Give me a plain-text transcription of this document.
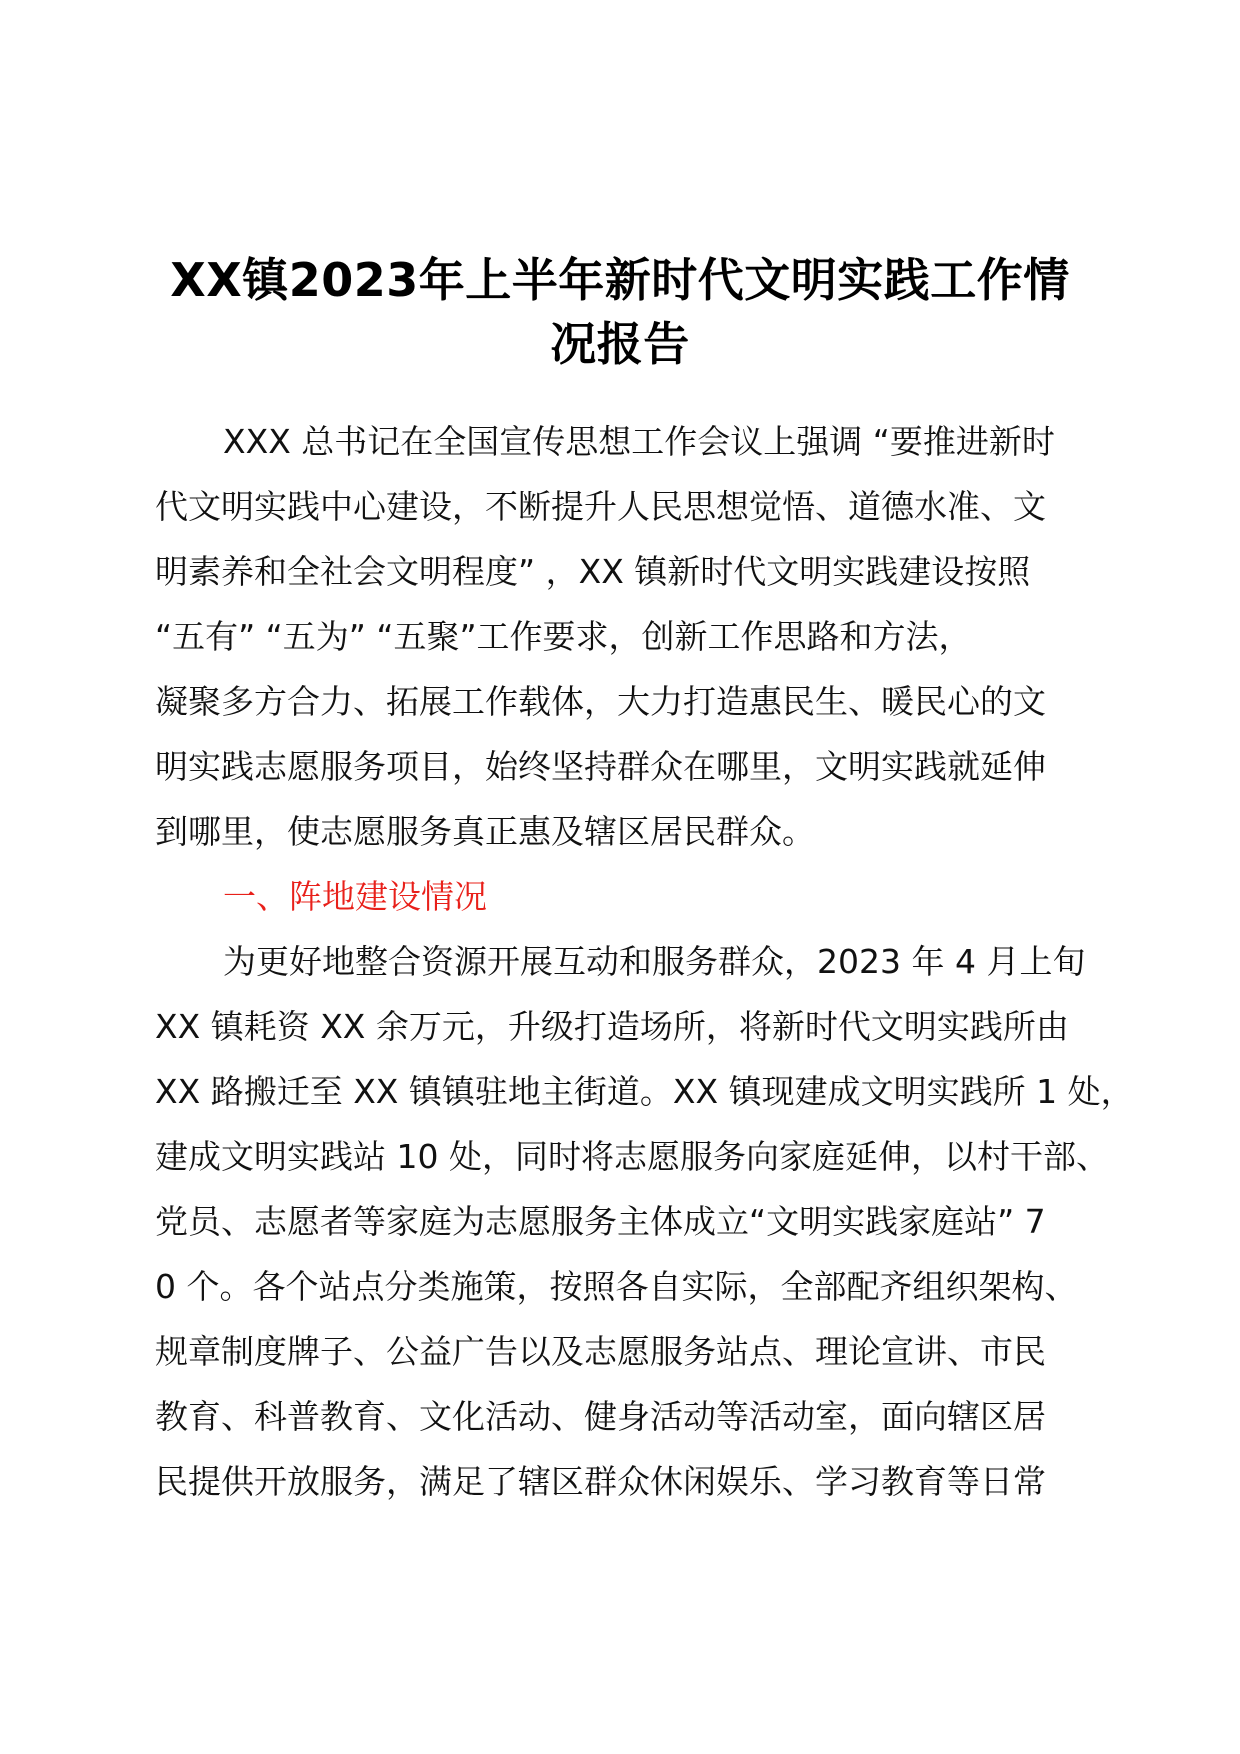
XX镇2023年上半年新时代文明实践工作情
况报告
XXX 总书记在全国宣传思想工作会议上强调 “要推进新时
代文明实践中心建设，不断提升人民思想觉悟、道德水准、文
明素养和全社会文明程度” ，XX 镇新时代文明实践建设按照
“五有” “五为” “五聚”工作要求，创新工作思路和方法，
凝聚多方合力、拓展工作载体，大力打造惠民生、暖民心的文
明实践志愿服务项目，始终坚持群众在哪里，文明实践就延伸
到哪里，使志愿服务真正惠及辖区居民群众。
一、阵地建设情况
为更好地整合资源开展互动和服务群众，2023 年 4 月上旬
XX 镇耗资 XX 余万元，升级打造场所，将新时代文明实践所由
XX 路搬迁至 XX 镇镇驻地主街道。XX 镇现建成文明实践所 1 处，
建成文明实践站 10 处，同时将志愿服务向家庭延伸，以村干部、
党员、志愿者等家庭为志愿服务主体成立“文明实践家庭站” 7
0 个。各个站点分类施策，按照各自实际，全部配齐组织架构、
规章制度牌子、公益广告以及志愿服务站点、理论宣讲、市民
教育、科普教育、文化活动、健身活动等活动室，面向辖区居
民提供开放服务，满足了辖区群众休闲娱乐、学习教育等日常
